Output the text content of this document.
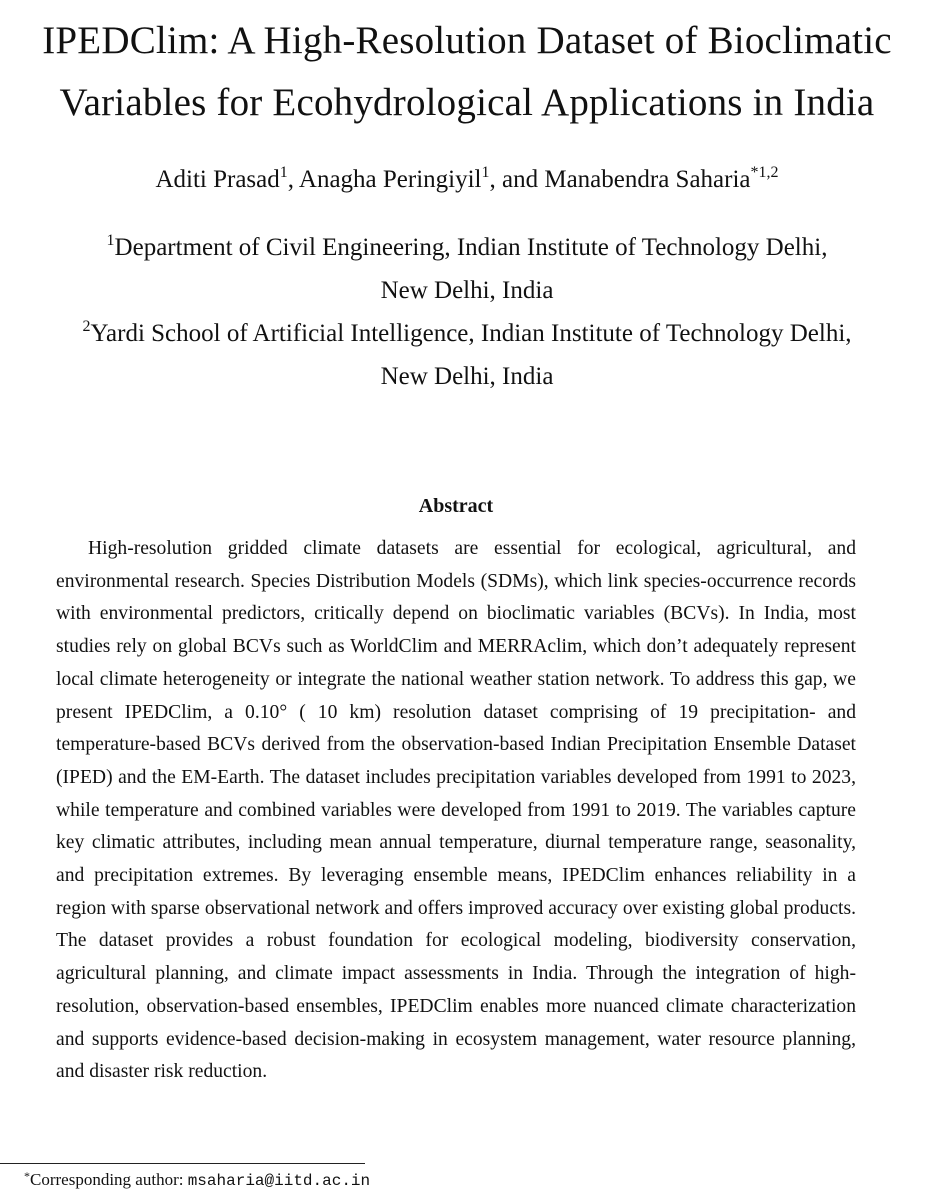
IPEDClim: A High-Resolution Dataset of Bioclimatic
Variables for Ecohydrological Applications in India
Aditi Prasad$^1$, Anagha Peringiyil$^1$, and Manabendra Saharia$^{*1,2}$
$^1$Department of Civil Engineering, Indian Institute of Technology Delhi,
New Delhi, India
$^2$Yardi School of Artificial Intelligence, Indian Institute of Technology Delhi,
New Delhi, India
Abstract

High-resolution gridded climate datasets are essential for ecological, agricultural, and environmental research. Species Distribution Models (SDMs), which link species-occurrence records with environmental predictors, critically depend on bioclimatic variables (BCVs). In India, most studies rely on global BCVs such as WorldClim and MERRAclim, which don’t adequately represent local climate heterogeneity or integrate the national weather station network. To address this gap, we present IPEDClim, a 0.10° ( 10 km) resolution dataset comprising of 19 precipitation- and temperature-based BCVs derived from the observation-based Indian Precipitation Ensemble Dataset (IPED) and the EM-Earth. The dataset includes precipitation variables developed from 1991 to 2023, while temperature and combined variables were developed from 1991 to 2019. The variables capture key climatic attributes, including mean annual temperature, diurnal temperature range, seasonality, and precipitation extremes. By leveraging ensemble means, IPEDClim enhances reliability in a region with sparse observational network and offers improved accuracy over existing global products. The dataset provides a robust foundation for ecological modeling, biodiversity conservation, agricultural planning, and climate impact assessments in India. Through the integration of high-resolution, observation-based ensembles, IPEDClim enables more nuanced climate characterization and supports evidence-based decision-making in ecosystem management, water resource planning, and disaster risk reduction.

*Corresponding author: msaharia@iitd.ac.in
